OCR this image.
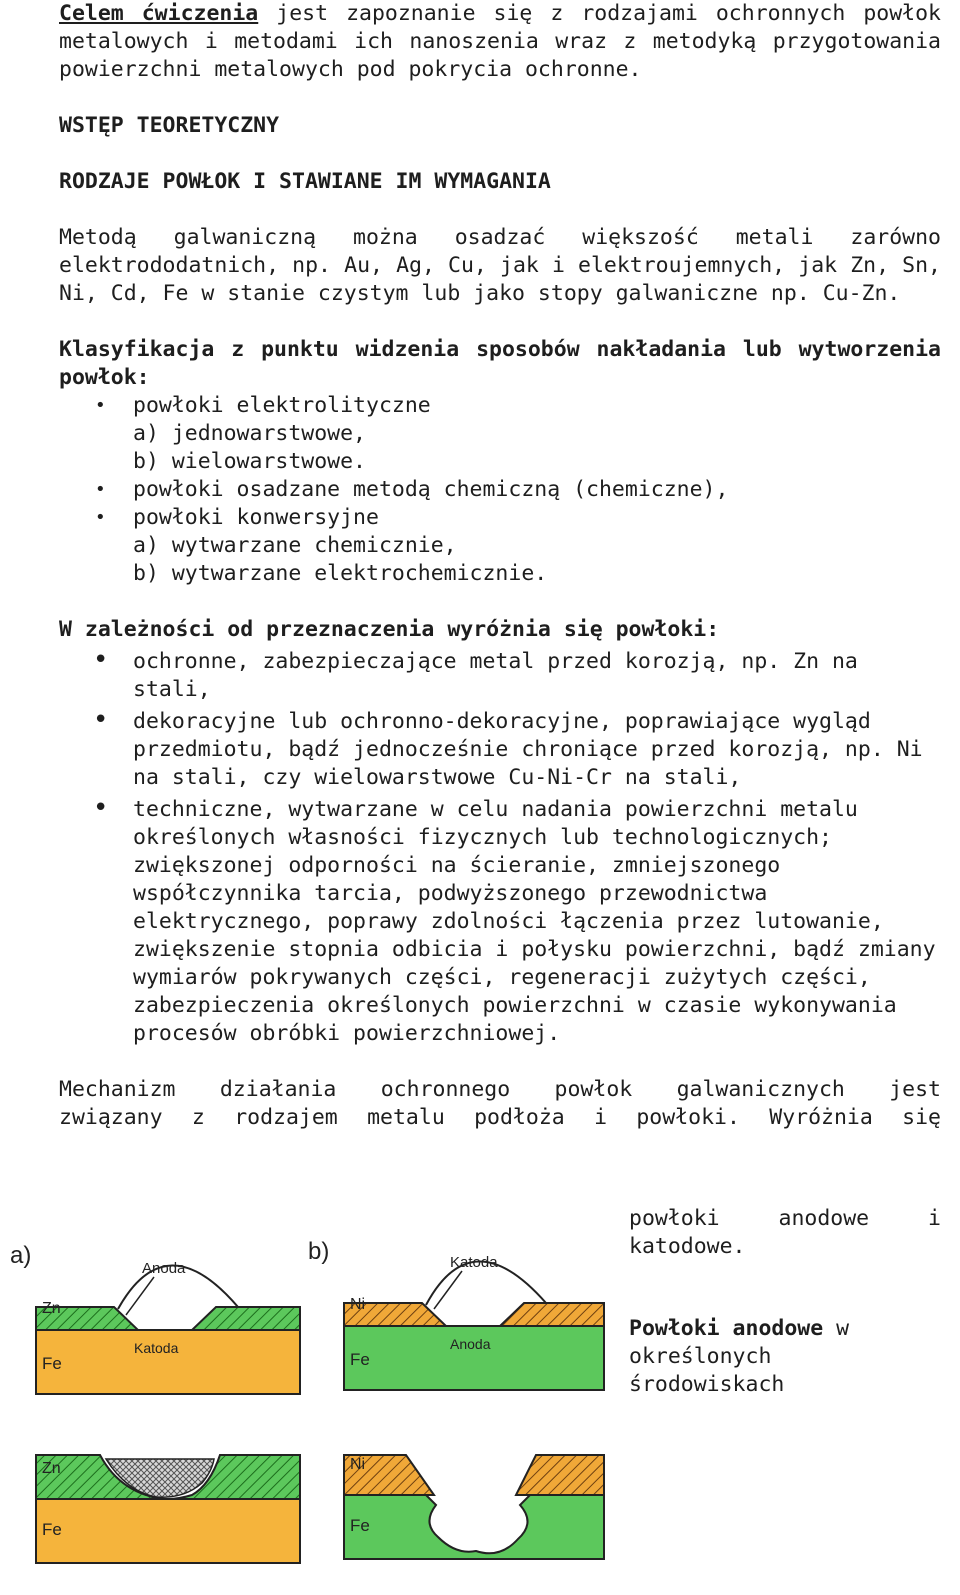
Celem ćwiczenia jest zapoznanie się z rodzajami ochronnych powłok metalowych i metodami ich nanoszenia wraz z metodyką przygotowania powierzchni metalowych pod pokrycia ochronne.

WSTĘP TEORETYCZNY

RODZAJE POWŁOK I STAWIANE IM WYMAGANIA

Metodą galwaniczną można osadzać większość metali zarówno elektrododatnich, np. Au, Ag, Cu, jak i elektroujemnych, jak Zn, Sn, Ni, Cd, Fe w stanie czystym lub jako stopy galwaniczne np. Cu-Zn.

Klasyfikacja z punktu widzenia sposobów nakładania lub wytworzenia powłok:

• powłoki elektrolityczne
a) jednowarstwowe,
b) wielowarstwowe.
• powłoki osadzane metodą chemiczną (chemiczne),
• powłoki konwersyjne
a) wytwarzane chemicznie,
b) wytwarzane elektrochemicznie.

W zależności od przeznaczenia wyróżnia się powłoki:

• ochronne, zabezpieczające metal przed korozją, np. Zn na stali,
• dekoracyjne lub ochronno-dekoracyjne, poprawiające wygląd przedmiotu, bądź jednocześnie chroniące przed korozją, np. Ni na stali, czy wielowarstwowe Cu-Ni-Cr na stali,
• techniczne, wytwarzane w celu nadania powierzchni metalu określonych własności fizycznych lub technologicznych; zwiększonej odporności na ścieranie, zmniejszonego współczynnika tarcia, podwyższonego przewodnictwa elektrycznego, poprawy zdolności łączenia przez lutowanie, zwiększenie stopnia odbicia i połysku powierzchni, bądź zmiany wymiarów pokrywanych części, regeneracji zużytych części, zabezpieczenia określonych powierzchni w czasie wykonywania procesów obróbki powierzchniowej.

Mechanizm działania ochronnego powłok galwanicznych jest

związany z rodzajem metalu podłoża i powłoki. Wyróżnia się

powłoki anodowe i

katodowe.

Powłoki anodowe w

określonych

środowiskach

a)	Anoda
Zn
Fe
Katoda
b)	Katoda
Ni
Fe
Anoda
Zn
Fe
Ni
Fe
